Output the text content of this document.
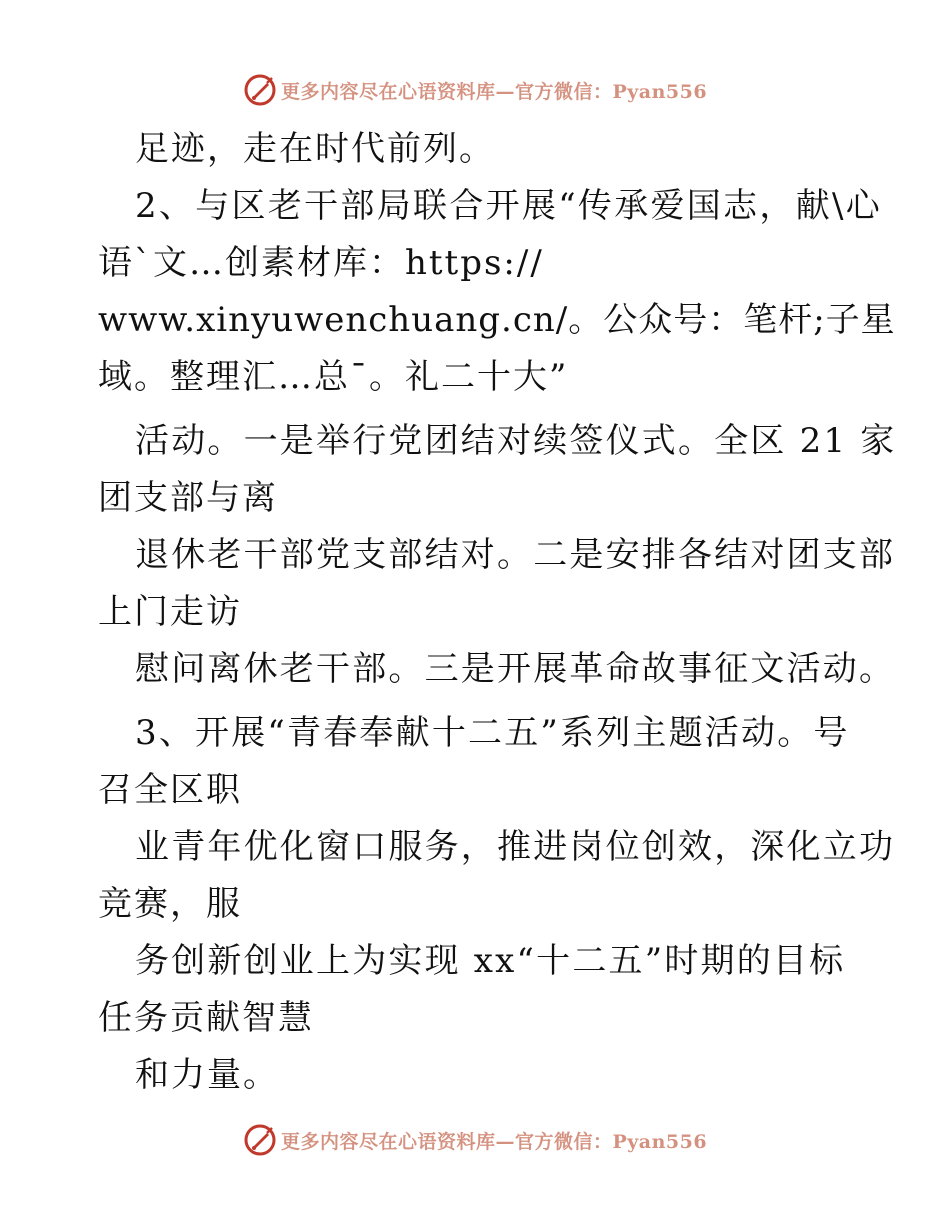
更多内容尽在心语资料库—官方微信：Pyan556
足迹，走在时代前列。
2、与区老干部局联合开展“传承爱国志，献\心
语`文…创素材库：https://
www.xinyuwenchuang.cn/。公众号：笔杆;子星
域。整理汇…总¯。礼二十大”
活动。一是举行党团结对续签仪式。全区 21 家
团支部与离
退休老干部党支部结对。二是安排各结对团支部
上门走访
慰问离休老干部。三是开展革命故事征文活动。
3、开展“青春奉献十二五”系列主题活动。号
召全区职
业青年优化窗口服务，推进岗位创效，深化立功
竞赛，服
务创新创业上为实现 xx“十二五”时期的目标
任务贡献智慧
和力量。
更多内容尽在心语资料库—官方微信：Pyan556
